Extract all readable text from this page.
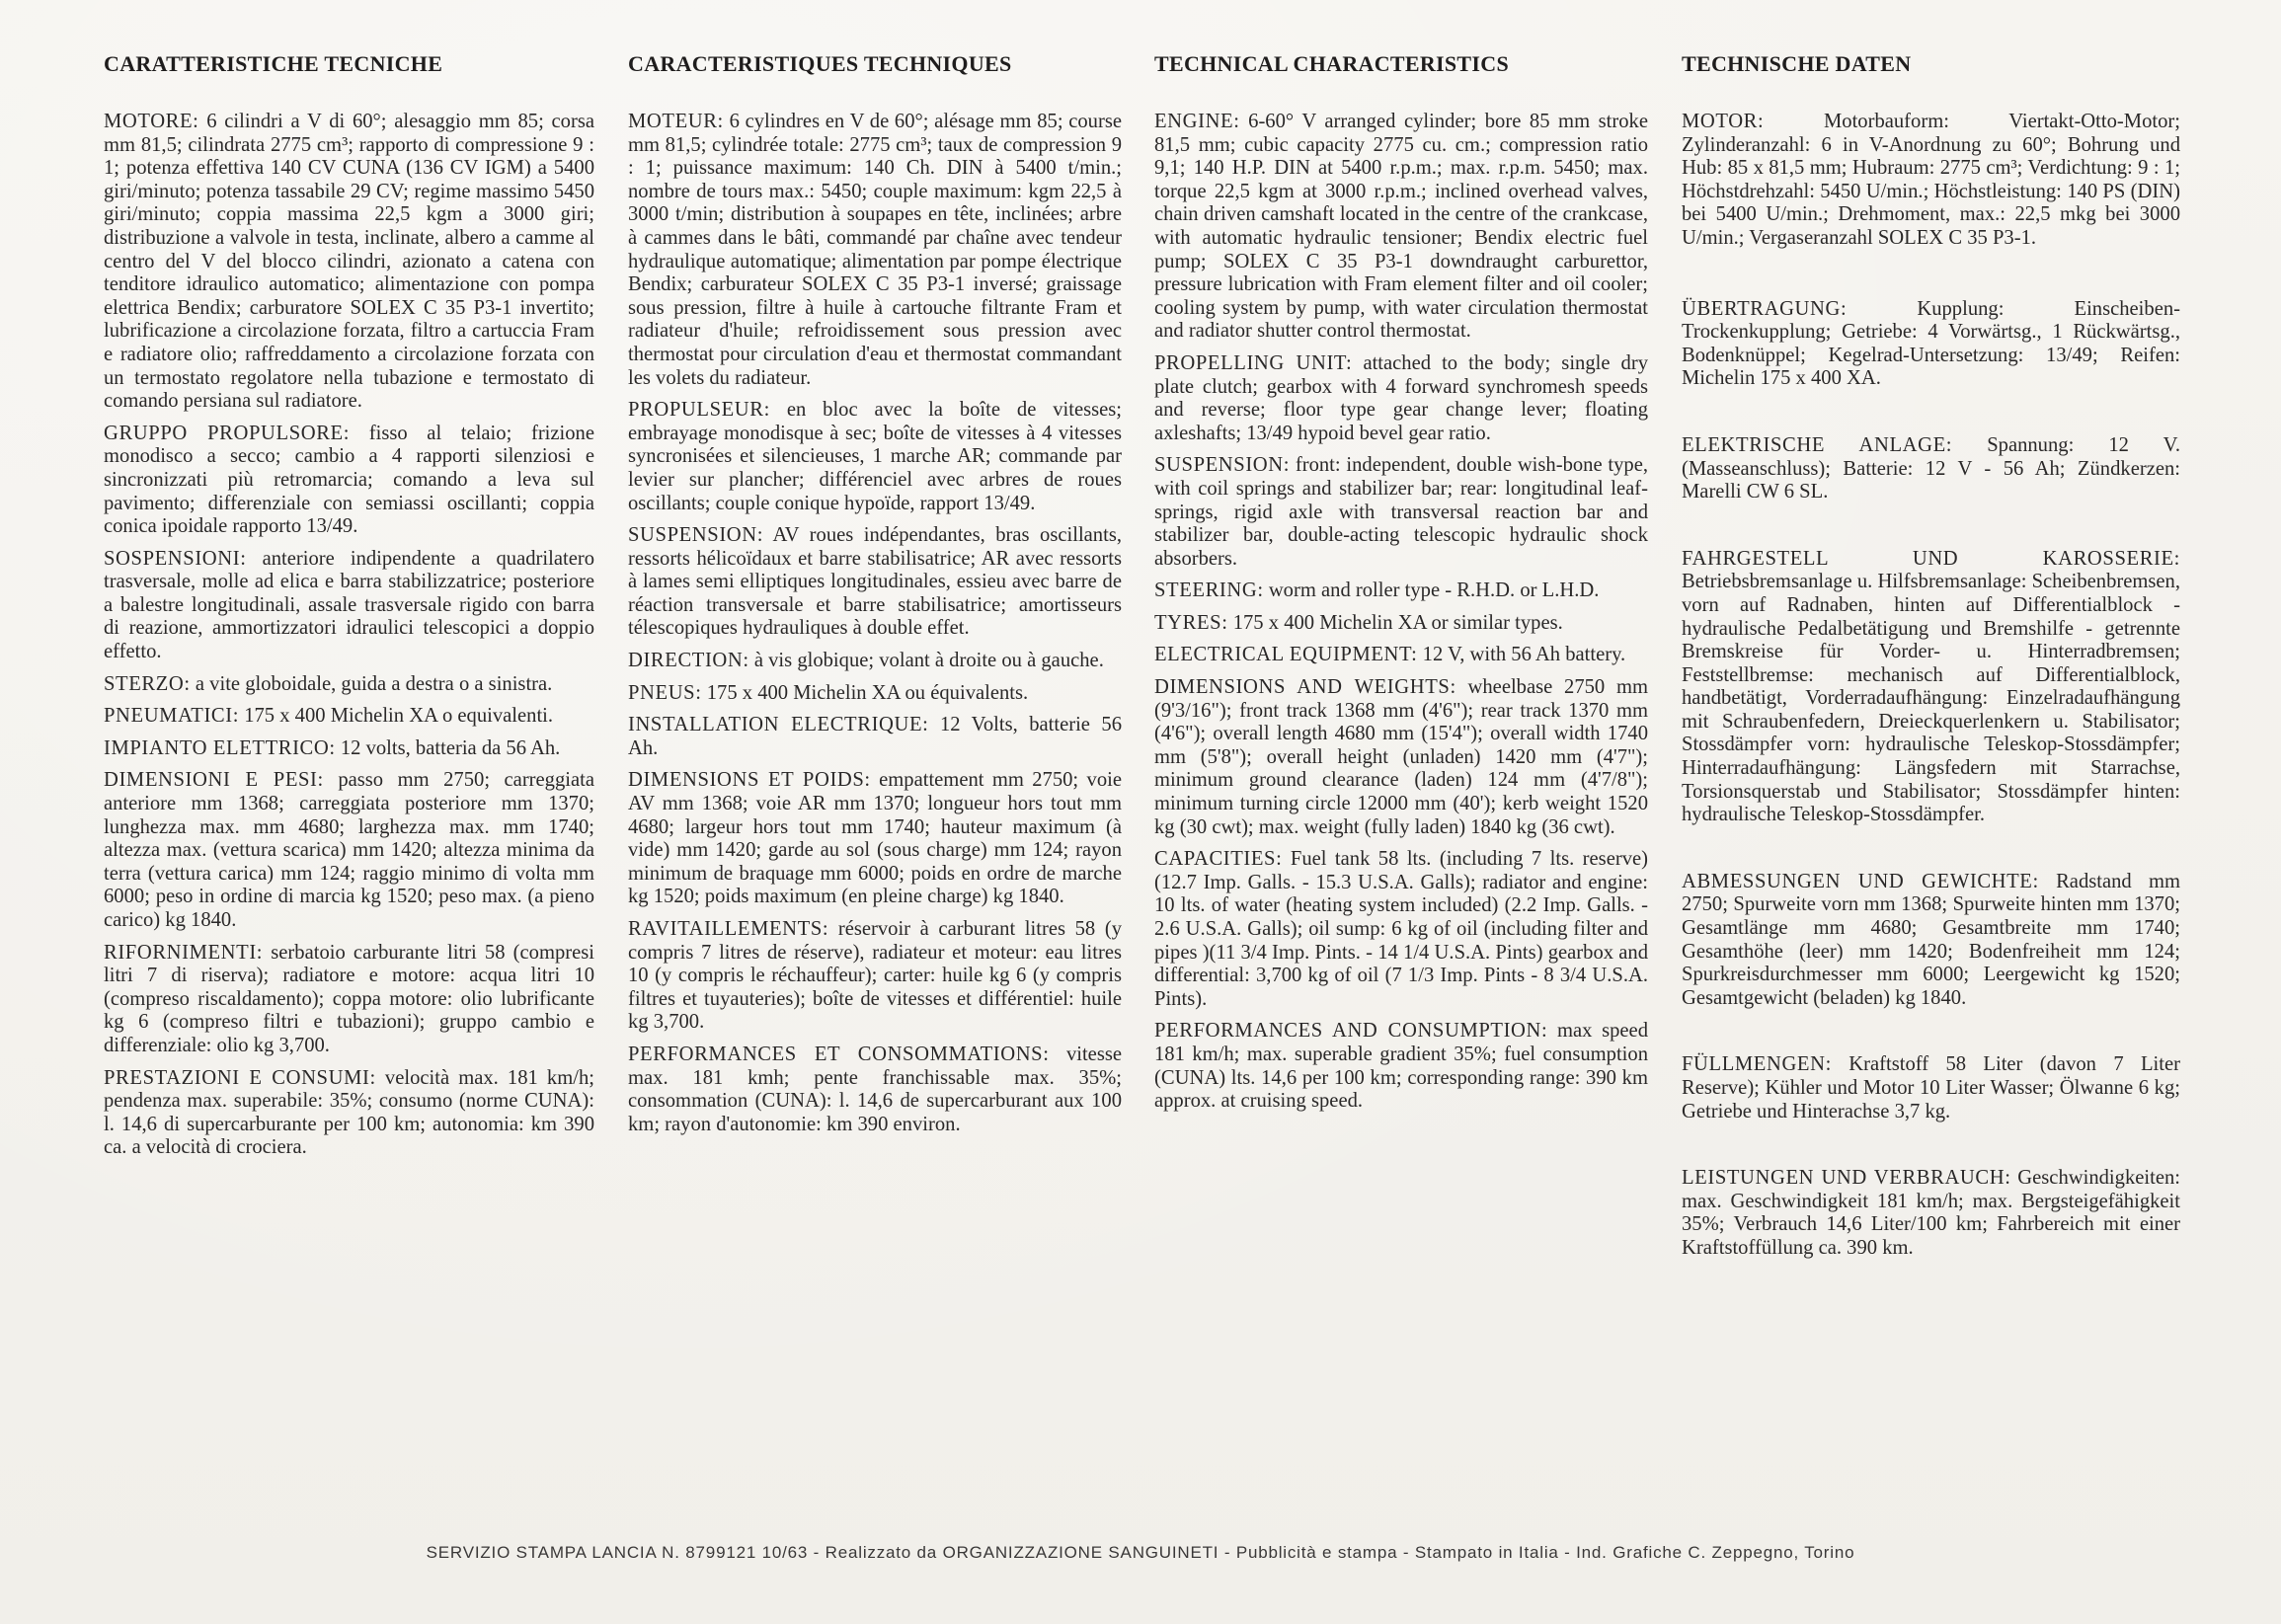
CARATTERISTICHE TECNICHE

MOTORE: 6 cilindri a V di 60°; alesaggio mm 85; corsa mm 81,5; cilindrata 2775 cm³; rapporto di compressione 9 : 1; potenza effettiva 140 CV CUNA (136 CV IGM) a 5400 giri/minuto; potenza tassabile 29 CV; regime massimo 5450 giri/minuto; coppia massima 22,5 kgm a 3000 giri; distribuzione a valvole in testa, inclinate, albero a camme al centro del V del blocco cilindri, azionato a catena con tenditore idraulico automatico; alimentazione con pompa elettrica Bendix; carburatore SOLEX C 35 P3-1 invertito; lubrificazione a circolazione forzata, filtro a cartuccia Fram e radiatore olio; raffreddamento a circolazione forzata con un termostato regolatore nella tubazione e termostato di comando persiana sul radiatore.

GRUPPO PROPULSORE: fisso al telaio; frizione monodisco a secco; cambio a 4 rapporti silenziosi e sincronizzati più retromarcia; comando a leva sul pavimento; differenziale con semiassi oscillanti; coppia conica ipoidale rapporto 13/49.

SOSPENSIONI: anteriore indipendente a quadrilatero trasversale, molle ad elica e barra stabilizzatrice; posteriore a balestre longitudinali, assale trasversale rigido con barra di reazione, ammortizzatori idraulici telescopici a doppio effetto.

STERZO: a vite globoidale, guida a destra o a sinistra.

PNEUMATICI: 175 x 400 Michelin XA o equivalenti.

IMPIANTO ELETTRICO: 12 volts, batteria da 56 Ah.

DIMENSIONI E PESI: passo mm 2750; carreggiata anteriore mm 1368; carreggiata posteriore mm 1370; lunghezza max. mm 4680; larghezza max. mm 1740; altezza max. (vettura scarica) mm 1420; altezza minima da terra (vettura carica) mm 124; raggio minimo di volta mm 6000; peso in ordine di marcia kg 1520; peso max. (a pieno carico) kg 1840.

RIFORNIMENTI: serbatoio carburante litri 58 (compresi litri 7 di riserva); radiatore e motore: acqua litri 10 (compreso riscaldamento); coppa motore: olio lubrificante kg 6 (compreso filtri e tubazioni); gruppo cambio e differenziale: olio kg 3,700.

PRESTAZIONI E CONSUMI: velocità max. 181 km/h; pendenza max. superabile: 35%; consumo (norme CUNA): l. 14,6 di supercarburante per 100 km; autonomia: km 390 ca. a velocità di crociera.

CARACTERISTIQUES TECHNIQUES

MOTEUR: 6 cylindres en V de 60°; alésage mm 85; course mm 81,5; cylindrée totale: 2775 cm³; taux de compression 9 : 1; puissance maximum: 140 Ch. DIN à 5400 t/min.; nombre de tours max.: 5450; couple maximum: kgm 22,5 à 3000 t/min; distribution à soupapes en tête, inclinées; arbre à cammes dans le bâti, commandé par chaîne avec tendeur hydraulique automatique; alimentation par pompe électrique Bendix; carburateur SOLEX C 35 P3-1 inversé; graissage sous pression, filtre à huile à cartouche filtrante Fram et radiateur d'huile; refroidissement sous pression avec thermostat pour circulation d'eau et thermostat commandant les volets du radiateur.

PROPULSEUR: en bloc avec la boîte de vitesses; embrayage monodisque à sec; boîte de vitesses à 4 vitesses syncronisées et silencieuses, 1 marche AR; commande par levier sur plancher; différenciel avec arbres de roues oscillants; couple conique hypoïde, rapport 13/49.

SUSPENSION: AV roues indépendantes, bras oscillants, ressorts hélicoïdaux et barre stabilisatrice; AR avec ressorts à lames semi elliptiques longitudinales, essieu avec barre de réaction transversale et barre stabilisatrice; amortisseurs télescopiques hydrauliques à double effet.

DIRECTION: à vis globique; volant à droite ou à gauche.

PNEUS: 175 x 400 Michelin XA ou équivalents.

INSTALLATION ELECTRIQUE: 12 Volts, batterie 56 Ah.

DIMENSIONS ET POIDS: empattement mm 2750; voie AV mm 1368; voie AR mm 1370; longueur hors tout mm 4680; largeur hors tout mm 1740; hauteur maximum (à vide) mm 1420; garde au sol (sous charge) mm 124; rayon minimum de braquage mm 6000; poids en ordre de marche kg 1520; poids maximum (en pleine charge) kg 1840.

RAVITAILLEMENTS: réservoir à carburant litres 58 (y compris 7 litres de réserve), radiateur et moteur: eau litres 10 (y compris le réchauffeur); carter: huile kg 6 (y compris filtres et tuyauteries); boîte de vitesses et différentiel: huile kg 3,700.

PERFORMANCES ET CONSOMMATIONS: vitesse max. 181 kmh; pente franchissable max. 35%; consommation (CUNA): l. 14,6 de supercarburant aux 100 km; rayon d'autonomie: km 390 environ.

TECHNICAL CHARACTERISTICS

ENGINE: 6-60° V arranged cylinder; bore 85 mm stroke 81,5 mm; cubic capacity 2775 cu. cm.; compression ratio 9,1; 140 H.P. DIN at 5400 r.p.m.; max. r.p.m. 5450; max. torque 22,5 kgm at 3000 r.p.m.; inclined overhead valves, chain driven camshaft located in the centre of the crankcase, with automatic hydraulic tensioner; Bendix electric fuel pump; SOLEX C 35 P3-1 downdraught carburettor, pressure lubrication with Fram element filter and oil cooler; cooling system by pump, with water circulation thermostat and radiator shutter control thermostat.

PROPELLING UNIT: attached to the body; single dry plate clutch; gearbox with 4 forward synchromesh speeds and reverse; floor type gear change lever; floating axleshafts; 13/49 hypoid bevel gear ratio.

SUSPENSION: front: independent, double wish-bone type, with coil springs and stabilizer bar; rear: longitudinal leaf-springs, rigid axle with transversal reaction bar and stabilizer bar, double-acting telescopic hydraulic shock absorbers.

STEERING: worm and roller type - R.H.D. or L.H.D.

TYRES: 175 x 400 Michelin XA or similar types.

ELECTRICAL EQUIPMENT: 12 V, with 56 Ah battery.

DIMENSIONS AND WEIGHTS: wheelbase 2750 mm (9'3/16"); front track 1368 mm (4'6"); rear track 1370 mm (4'6"); overall length 4680 mm (15'4"); overall width 1740 mm (5'8"); overall height (unladen) 1420 mm (4'7"); minimum ground clearance (laden) 124 mm (4'7/8"); minimum turning circle 12000 mm (40'); kerb weight 1520 kg (30 cwt); max. weight (fully laden) 1840 kg (36 cwt).

CAPACITIES: Fuel tank 58 lts. (including 7 lts. reserve) (12.7 Imp. Galls. - 15.3 U.S.A. Galls); radiator and engine: 10 lts. of water (heating system included) (2.2 Imp. Galls. - 2.6 U.S.A. Galls); oil sump: 6 kg of oil (including filter and pipes )(11 3/4 Imp. Pints. - 14 1/4 U.S.A. Pints) gearbox and differential: 3,700 kg of oil (7 1/3 Imp. Pints - 8 3/4 U.S.A. Pints).

PERFORMANCES AND CONSUMPTION: max speed 181 km/h; max. superable gradient 35%; fuel consumption (CUNA) lts. 14,6 per 100 km; corresponding range: 390 km approx. at cruising speed.

TECHNISCHE DATEN

MOTOR:	Motorbauform: Viertakt-Otto-Motor; Zylinderanzahl: 6 in V-Anordnung zu 60°; Bohrung und Hub: 85 x 81,5 mm; Hubraum: 2775 cm³; Verdichtung: 9 : 1; Höchstdrehzahl: 5450 U/min.; Höchstleistung: 140 PS (DIN) bei 5400 U/min.; Drehmoment, max.: 22,5 mkg bei 3000 U/min.; Vergaseranzahl SOLEX C 35 P3-1.

ÜBERTRAGUNG:	Kupplung: Einscheiben-Trockenkupplung; Getriebe: 4 Vorwärtsg., 1 Rückwärtsg., Bodenknüppel; Kegelrad-Untersetzung: 13/49; Reifen: Michelin 175 x 400 XA.

ELEKTRISCHE ANLAGE: Spannung: 12 V. (Masseanschluss); Batterie: 12 V - 56 Ah; Zündkerzen: Marelli CW 6 SL.

FAHRGESTELL UND KAROSSERIE: Betriebsbremsanlage u. Hilfsbremsanlage: Scheibenbremsen, vorn auf Radnaben, hinten auf Differentialblock - hydraulische Pedalbetätigung und Bremshilfe - getrennte Bremskreise für Vorder- u. Hinterradbremsen; Feststellbremse: mechanisch auf Differentialblock, handbetätigt, Vorderradaufhängung: Einzelradaufhängung mit Schraubenfedern, Dreieckquerlenkern u. Stabilisator; Stossdämpfer vorn: hydraulische Teleskop-Stossdämpfer; Hinterradaufhängung: Längsfedern mit Starrachse, Torsionsquerstab und Stabilisator; Stossdämpfer hinten: hydraulische Teleskop-Stossdämpfer.

ABMESSUNGEN UND GEWICHTE: Radstand mm 2750; Spurweite vorn mm 1368; Spurweite hinten mm 1370; Gesamtlänge mm 4680; Gesamtbreite mm 1740; Gesamthöhe (leer) mm 1420; Bodenfreiheit mm 124; Spurkreisdurchmesser mm 6000; Leergewicht kg 1520; Gesamtgewicht (beladen) kg 1840.

FÜLLMENGEN: Kraftstoff 58 Liter (davon 7 Liter Reserve); Kühler und Motor 10 Liter Wasser; Ölwanne 6 kg; Getriebe und Hinterachse 3,7 kg.

LEISTUNGEN UND VERBRAUCH: Geschwindigkeiten: max. Geschwindigkeit 181 km/h; max. Bergsteigefähigkeit 35%; Verbrauch 14,6 Liter/100 km; Fahrbereich mit einer Kraftstoffüllung ca. 390 km.

SERVIZIO STAMPA LANCIA N. 8799121 10/63 - Realizzato da ORGANIZZAZIONE SANGUINETI - Pubblicità e stampa - Stampato in Italia - Ind. Grafiche C. Zeppegno, Torino
